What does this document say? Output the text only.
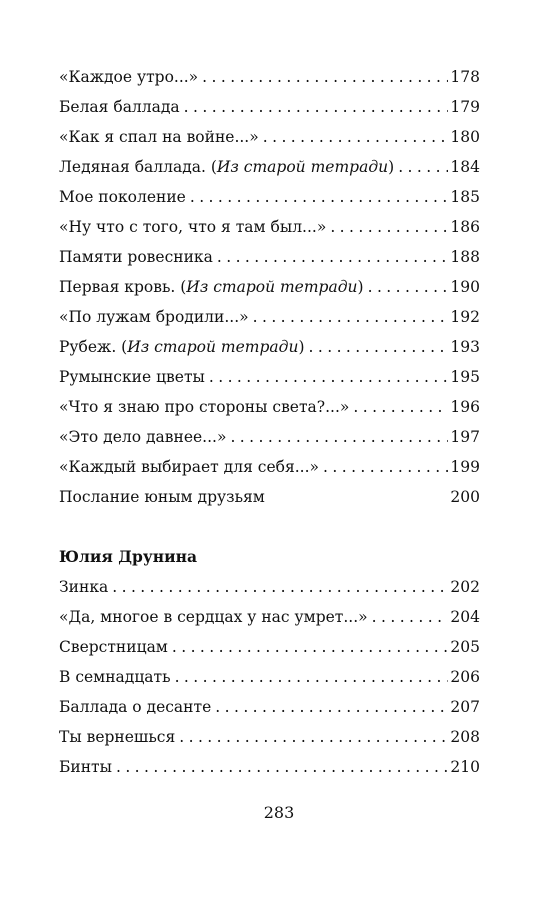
«Каждое утро...» . . .	178
Белая баллада . . .	179
«Как я спал на войне...» . . .	180
Ледяная баллада. (Из старой тетради) . . .	184
Мое поколение . . .	185
«Ну что с того, что я там был...» . . .	186
Памяти ровесника . . .	188
Первая кровь. (Из старой тетради) . . .	190
«По лужам бродили...» . . .	192
Рубеж. (Из старой тетради) . . .	193
Румынские цветы . . .	195
«Что я знаю про стороны света?...» . . .	196
«Это дело давнее...» . . .	197
«Каждый выбирает для себя...» . . .	199
Послание юным друзьям	200
Юлия Друнина
Зинка . . .	202
«Да, многое в сердцах у нас умрет...» . . .	204
Сверстницам . . .	205
В семнадцать . . .	206
Баллада о десанте . . .	207
Ты вернешься . . .	208
Бинты . . .	210
283
